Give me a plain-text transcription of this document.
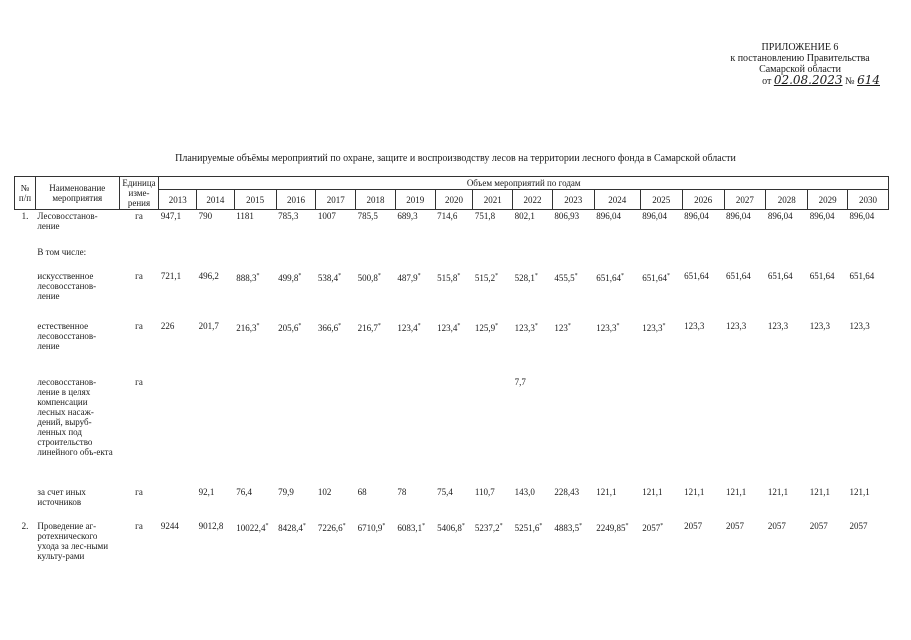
ПРИЛОЖЕНИЕ 6
к постановлению Правительства
Самарской области
от 02.08.2023 № 614
Планируемые объёмы мероприятий по охране, защите и воспроизводству лесов на территории лесного фонда в Самарской области
№ п/п	Наименование мероприятия	Единица изме-рения	Объем мероприятий по годам																	
			2013	2014	2015	2016	2017	2018	2019	2020	2021	2022	2023	2024	2025	2026	2027	2028	2029	2030
1.	Лесовосстанов-ление	га	947,1	790	1181	785,3	1007	785,5	689,3	714,6	751,8	802,1	806,93	896,04	896,04	896,04	896,04	896,04	896,04	896,04
	В том числе:																			
	искусственное лесовосстанов-ление	га	721,1	496,2	888,3*	499,8*	538,4*	500,8*	487,9*	515,8*	515,2*	528,1*	455,5*	651,64*	651,64*	651,64	651,64	651,64	651,64	651,64
	естественное лесовосстанов-ление	га	226	201,7	216,3*	205,6*	366,6*	216,7*	123,4*	123,4*	125,9*	123,3*	123*	123,3*	123,3*	123,3	123,3	123,3	123,3	123,3
	лесовосстанов-ление в целях компенсации лесных насаж-дений, выруб-ленных под строительство линейного объ-екта	га										7,7								
	за счет иных источников	га		92,1	76,4	79,9	102	68	78	75,4	110,7	143,0	228,43	121,1	121,1	121,1	121,1	121,1	121,1	121,1
2.	Проведение аг-ротехнического ухода за лес-ными культу-рами	га	9244	9012,8	10022,4*	8428,4*	7226,6*	6710,9*	6083,1*	5406,8*	5237,2*	5251,6*	4883,5*	2249,85*	2057*	2057	2057	2057	2057	2057
